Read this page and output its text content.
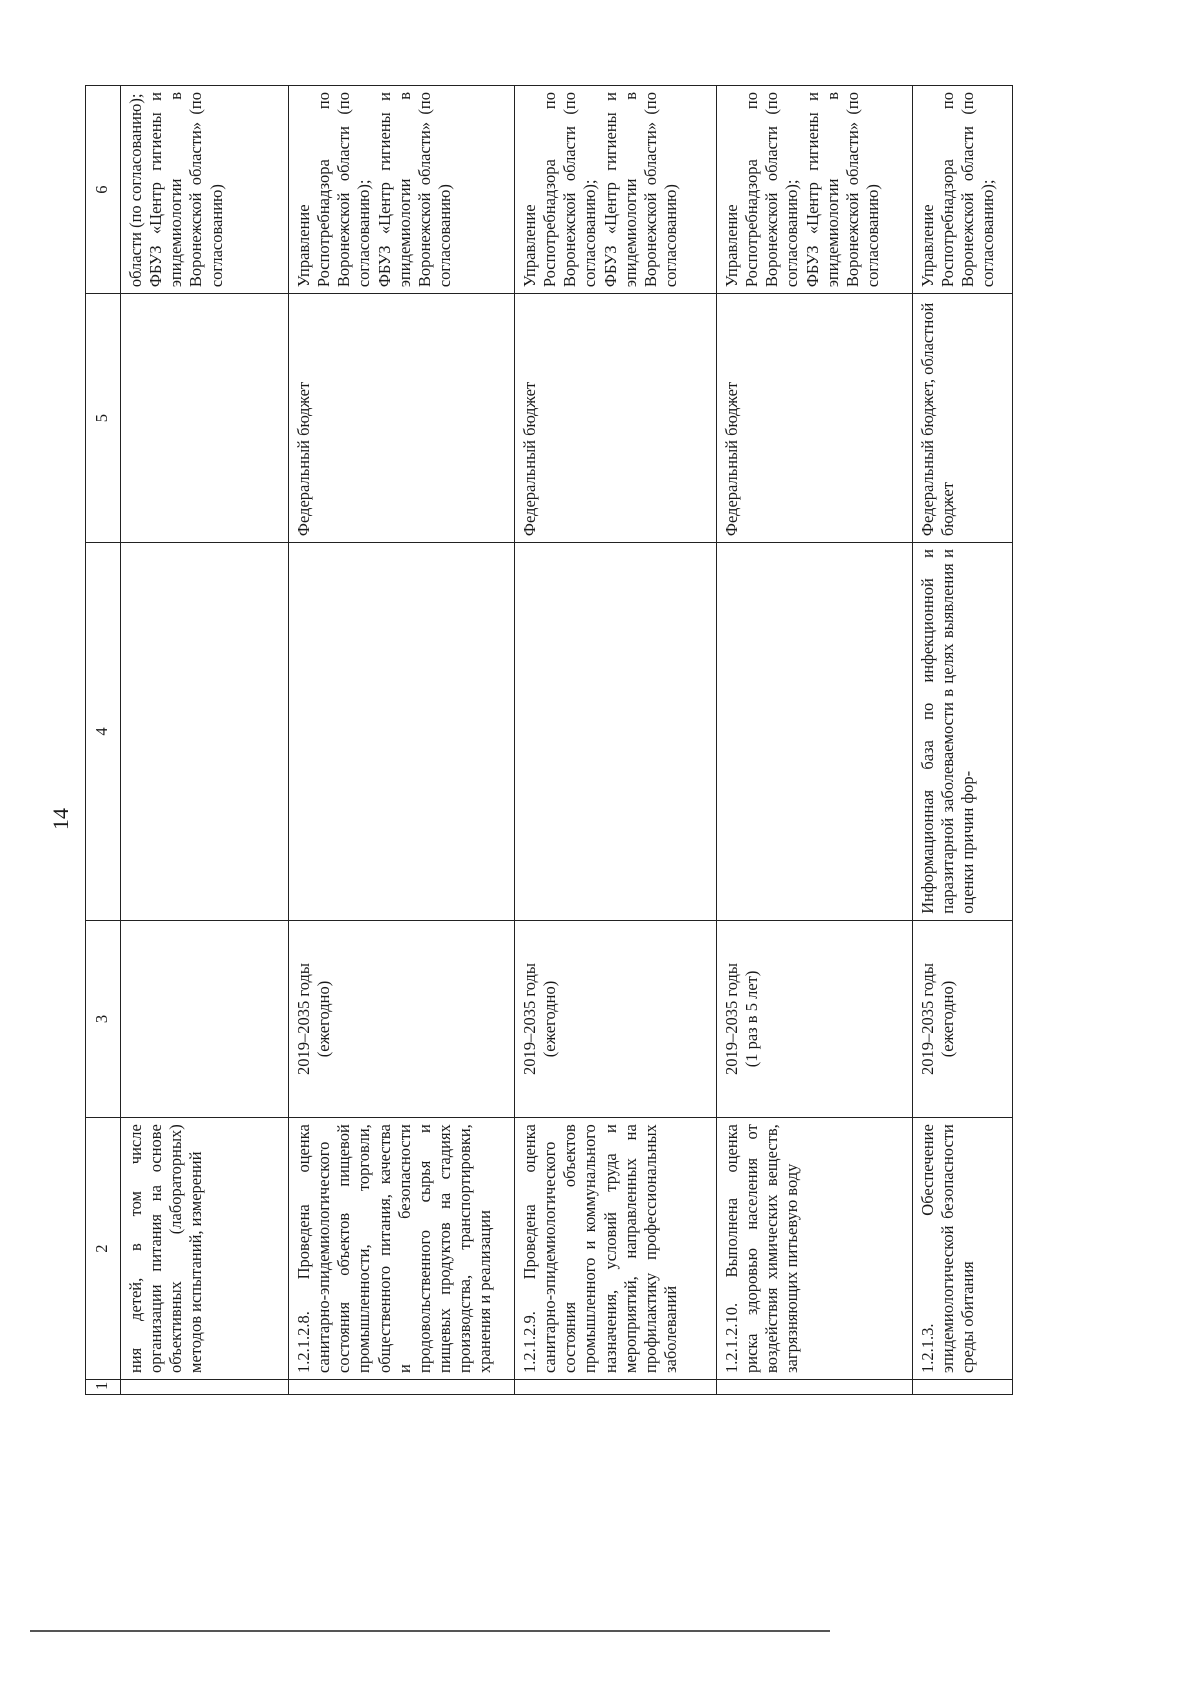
14
1	2	3	4	5	6
	ния детей, в том числе организации питания на основе объективных (лабораторных) методов испытаний, измерений				области (по согласованию); ФБУЗ «Центр гигиены и эпидемиологии в Воронежской области» (по согласованию)

	1.2.1.2.8. Проведена оценка санитарно-эпидемиологического состояния объектов пищевой промышленности, торговли, общественного питания, качества и безопасности продовольственного сырья и пищевых продуктов на стадиях производства, транспортировки, хранения и реализации	2019–2035 годы (ежегодно)		Федеральный бюджет	Управление Роспотребнадзора по Воронежской области (по согласованию); ФБУЗ «Центр гигиены и эпидемиологии в Воронежской области» (по согласованию)

	1.2.1.2.9. Проведена оценка санитарно-эпидемиологического состояния объектов промышленного и коммунального назначения, условий труда и мероприятий, направленных на профилактику профессиональных заболеваний	2019–2035 годы (ежегодно)		Федеральный бюджет	Управление Роспотребнадзора по Воронежской области (по согласованию); ФБУЗ «Центр гигиены и эпидемиологии в Воронежской области» (по согласованию)

	1.2.1.2.10. Выполнена оценка риска здоровью населения от воздействия химических веществ, загрязняющих питьевую воду	2019–2035 годы (1 раз в 5 лет)		Федеральный бюджет	Управление Роспотребнадзора по Воронежской области (по согласованию); ФБУЗ «Центр гигиены и эпидемиологии в Воронежской области» (по согласованию)

	1.2.1.3. Обеспечение эпидемиологической безопасности среды обитания	2019–2035 годы (ежегодно)	Информационная база по инфекционной и паразитарной заболеваемости в целях выявления и оценки причин фор-	Федеральный бюджет, областной бюджет	Управление Роспотребнадзора по Воронежской области (по согласованию);
